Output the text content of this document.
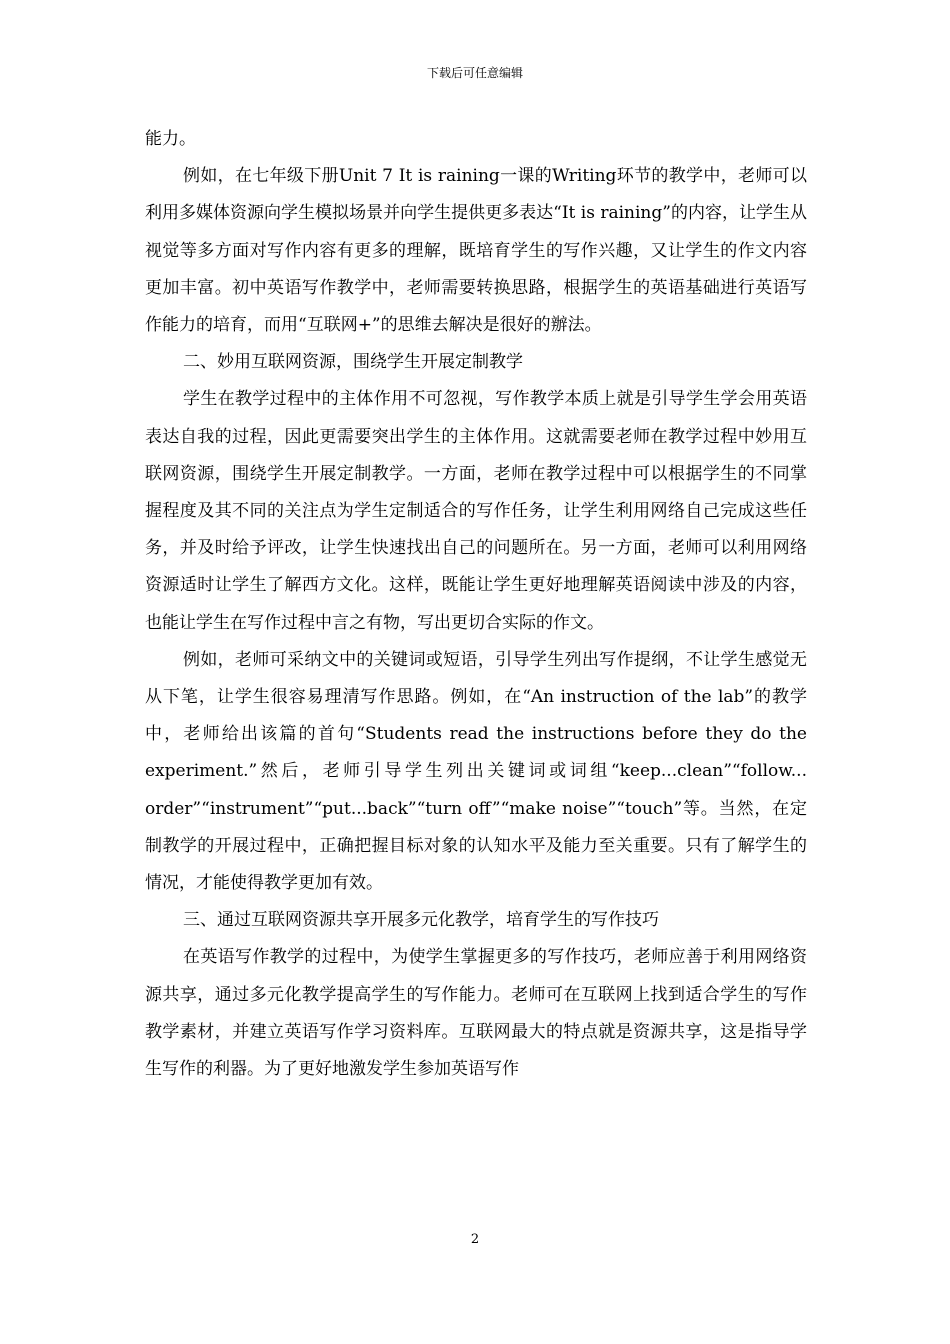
下载后可任意编辑

能力。

例如，在七年级下册Unit 7 It is raining一课的Writing环节的教学中，老师可以利用多媒体资源向学生模拟场景并向学生提供更多表达“It is raining”的内容，让学生从视觉等多方面对写作内容有更多的理解，既培育学生的写作兴趣，又让学生的作文内容更加丰富。初中英语写作教学中，老师需要转换思路，根据学生的英语基础进行英语写作能力的培育，而用“互联网+”的思维去解决是很好的辦法。

二、妙用互联网资源，围绕学生开展定制教学

学生在教学过程中的主体作用不可忽视，写作教学本质上就是引导学生学会用英语表达自我的过程，因此更需要突出学生的主体作用。这就需要老师在教学过程中妙用互联网资源，围绕学生开展定制教学。一方面，老师在教学过程中可以根据学生的不同掌握程度及其不同的关注点为学生定制适合的写作任务，让学生利用网络自己完成这些任务，并及时给予评改，让学生快速找出自己的问题所在。另一方面，老师可以利用网络资源适时让学生了解西方文化。这样，既能让学生更好地理解英语阅读中涉及的内容，也能让学生在写作过程中言之有物，写出更切合实际的作文。

例如，老师可采纳文中的关键词或短语，引导学生列出写作提纲，不让学生感觉无从下笔，让学生很容易理清写作思路。例如，在“An instruction of the lab”的教学中，老师给出该篇的首句“Students read the instructions before they do the experiment.”然后，老师引导学生列出关键词或词组“keep...clean”“follow... order”“instrument”“put...back”“turn off”“make noise”“touch”等。当然，在定制教学的开展过程中，正确把握目标对象的认知水平及能力至关重要。只有了解学生的情况，才能使得教学更加有效。

三、通过互联网资源共享开展多元化教学，培育学生的写作技巧

在英语写作教学的过程中，为使学生掌握更多的写作技巧，老师应善于利用网络资源共享，通过多元化教学提高学生的写作能力。老师可在互联网上找到适合学生的写作教学素材，并建立英语写作学习资料库。互联网最大的特点就是资源共享，这是指导学生写作的利器。为了更好地激发学生参加英语写作

2
